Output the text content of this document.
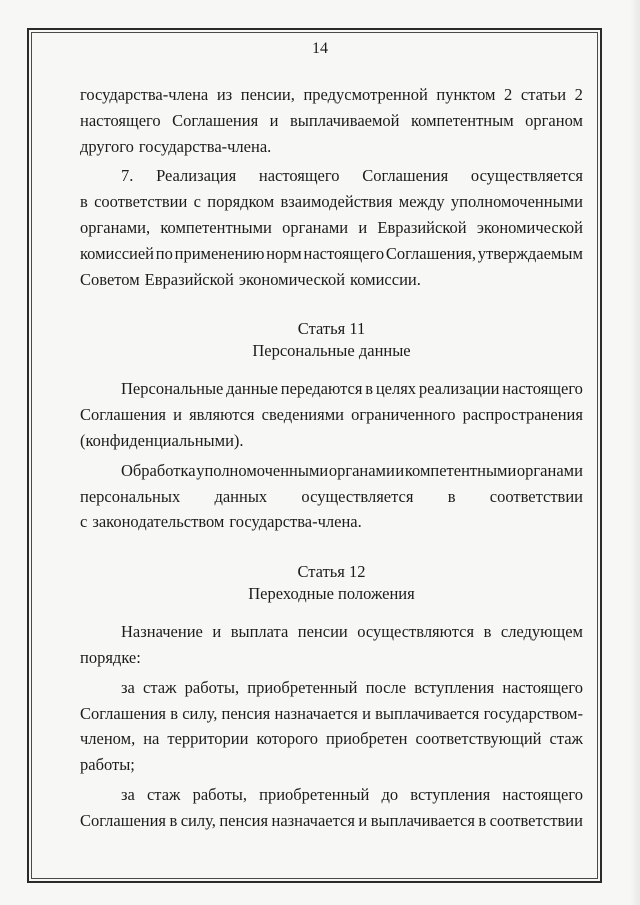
14
государства-члена из пенсии, предусмотренной пунктом 2 статьи 2
настоящего Соглашения и выплачиваемой компетентным органом
другого государства-члена.
7. Реализация настоящего Соглашения осуществляется
в соответствии с порядком взаимодействия между уполномоченными
органами, компетентными органами и Евразийской экономической
комиссией по применению норм настоящего Соглашения, утверждаемым
Советом Евразийской экономической комиссии.
Статья 11
Персональные данные
Персональные данные передаются в целях реализации настоящего
Соглашения и являются сведениями ограниченного распространения
(конфиденциальными).
Обработка уполномоченными органами и компетентными органами
персональных данных осуществляется в соответствии
с законодательством государства-члена.
Статья 12
Переходные положения
Назначение и выплата пенсии осуществляются в следующем
порядке:
за стаж работы, приобретенный после вступления настоящего
Соглашения в силу, пенсия назначается и выплачивается государством-
членом, на территории которого приобретен соответствующий стаж
работы;
за стаж работы, приобретенный до вступления настоящего
Соглашения в силу, пенсия назначается и выплачивается в соответствии
